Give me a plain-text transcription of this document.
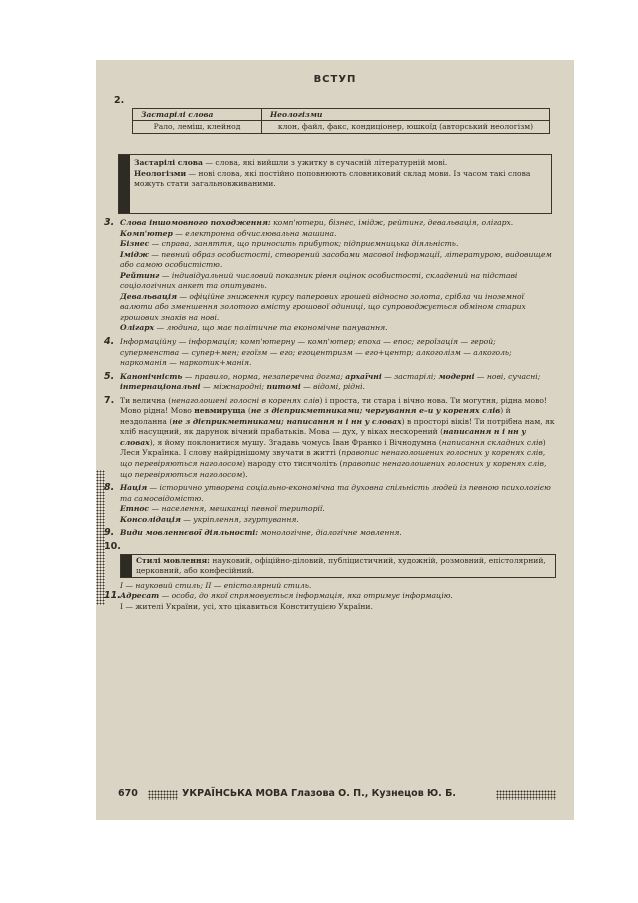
ВСТУП
2.
Застарілі слова	Неологізми
Рало, леміш, клейнод	клон, файл, факс, кондиціонер, юшкоїд (авторський неологізм)
Застарілі слова — слова, які вийшли з ужитку в сучасній літературній мові.
Неологізми — нові слова, які постійно поповнюють словниковий склад мови. Із часом такі слова можуть стати загальновживаними.
3. Слова іншомовного походження: комп'ютери, бізнес, імідж, рейтинг, девальвація, олігарх.
Комп'ютер — електронна обчислювальна машина.
Бізнес — справа, заняття, що приносить прибуток; підприємницька діяльність.
Імідж — певний образ особистості, створений засобами масової інформації, літературою, видовищем або самою особистістю.
Рейтинг — індивідуальний числовий показник рівня оцінок особистості, складений на підставі соціологічних анкет та опитувань.
Девальвація — офіційне зниження курсу паперових грошей відносно золота, срібла чи іноземної валюти або зменшення золотого вмісту грошової одиниці, що супроводжується обміном старих грошових знаків на нові.
Олігарх — людина, що має політичне та економічне панування.
4. Інформаційну — інформація; комп'ютерну — комп'ютер; епоха — епос; героїзація — герой; суперменства — супер+мен; егоїзм — его; егоцентризм — его+центр; алкоголізм — алкоголь; наркоманія — наркотик+манія.
5. Канонічність — правило, норма, незаперечна догма; архаїчні — застарілі; модерні — нові, сучасні; інтернаціональні — міжнародні; питомі — відомі, рідні.
7. Ти велична (ненаголошені голосні в коренях слів) і проста, ти стара і вічно нова. Ти могутня, рідна мово! Мово рідна! Мово невмируща (не з дієприкметниками; чергування е–и у коренях слів) й нездоланна (не з дієприкметниками; написання н і нн у словах) в просторі віків! Ти потрібна нам, як хліб насущний, як дарунок вічний прабатьків. Мова — дух, у віках нескорений (написання н і нн у словах), я йому поклонитися мушу. Згадавь чомусь Іван Франко і Вічнодумна (написання складних слів) Леся Українка. І слову найріднішому звучати в житті (правопис ненаголошених голосних у коренях слів, що перевіряються наголосом) народу сто тисячоліть (правопис ненаголошених голосних у коренях слів, що перевіряються наголосом).
8. Нація — історично утворена соціально-економічна та духовна спільність людей із певною психологією та самосвідомістю.
Етнос — населення, мешканці певної території.
Консолідація — укріплення, згуртування.
9. Види мовленнєвої діяльності: монологічне, діалогічне мовлення.
10.
Стилі мовлення: науковий, офіційно-діловий, публіцистичний, художній, розмовний, епістолярний, церковний, або конфесійний.
I — науковий стиль; II — епістолярний стиль.
11. Адресат — особа, до якої спрямовується інформація, яка отримує інформацію.
I — жителі України, усі, хто цікавиться Конституцією України.
670	УКРАЇНСЬКА МОВА Глазова О. П., Кузнецов Ю. Б.
